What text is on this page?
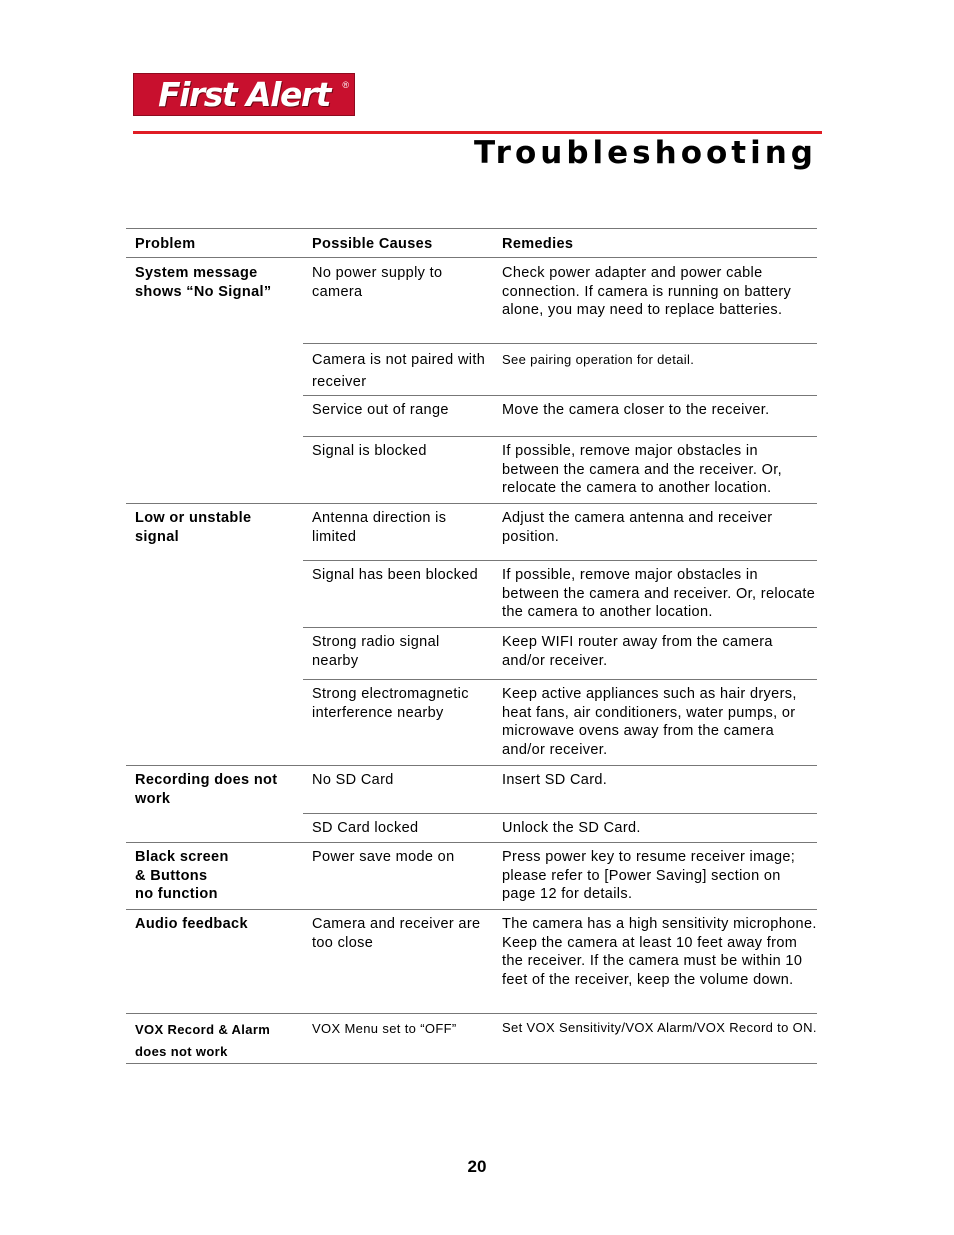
First Alert ®
Troubleshooting
Problem	Possible Causes	Remedies

System message shows “No Signal”	No power supply to camera	Check power adapter and power cable connection. If camera is running on battery alone, you may need to replace batteries.
	Camera is not paired with receiver	See pairing operation for detail.
	Service out of range	Move the camera closer to the receiver.
	Signal is blocked	If possible, remove major obstacles in between the camera and the receiver. Or, relocate the camera to another location.

Low or unstable signal	Antenna direction is limited	Adjust the camera antenna and receiver position.
	Signal has been blocked	If possible, remove major obstacles in between the camera and receiver. Or, relocate the camera to another location.
	Strong radio signal nearby	Keep WIFI router away from the camera and/or receiver.
	Strong electromagnetic interference nearby	Keep active appliances such as hair dryers, heat fans, air conditioners, water pumps, or microwave ovens away from the camera and/or receiver.

Recording does not work	No SD Card	Insert SD Card.
	SD Card locked	Unlock the SD Card.
Black screen
& Buttons
no function	Power save mode on	Press power key to resume receiver image; please refer to [Power Saving] section on page 12 for details.
Audio feedback	Camera and receiver are too close	The camera has a high sensitivity microphone. Keep the camera at least 10 feet away from the receiver. If the camera must be within 10 feet of the receiver, keep the volume down.

VOX Record & Alarm does not work	VOX Menu set to “OFF”	Set VOX Sensitivity/VOX Alarm/VOX Record to ON.
20
